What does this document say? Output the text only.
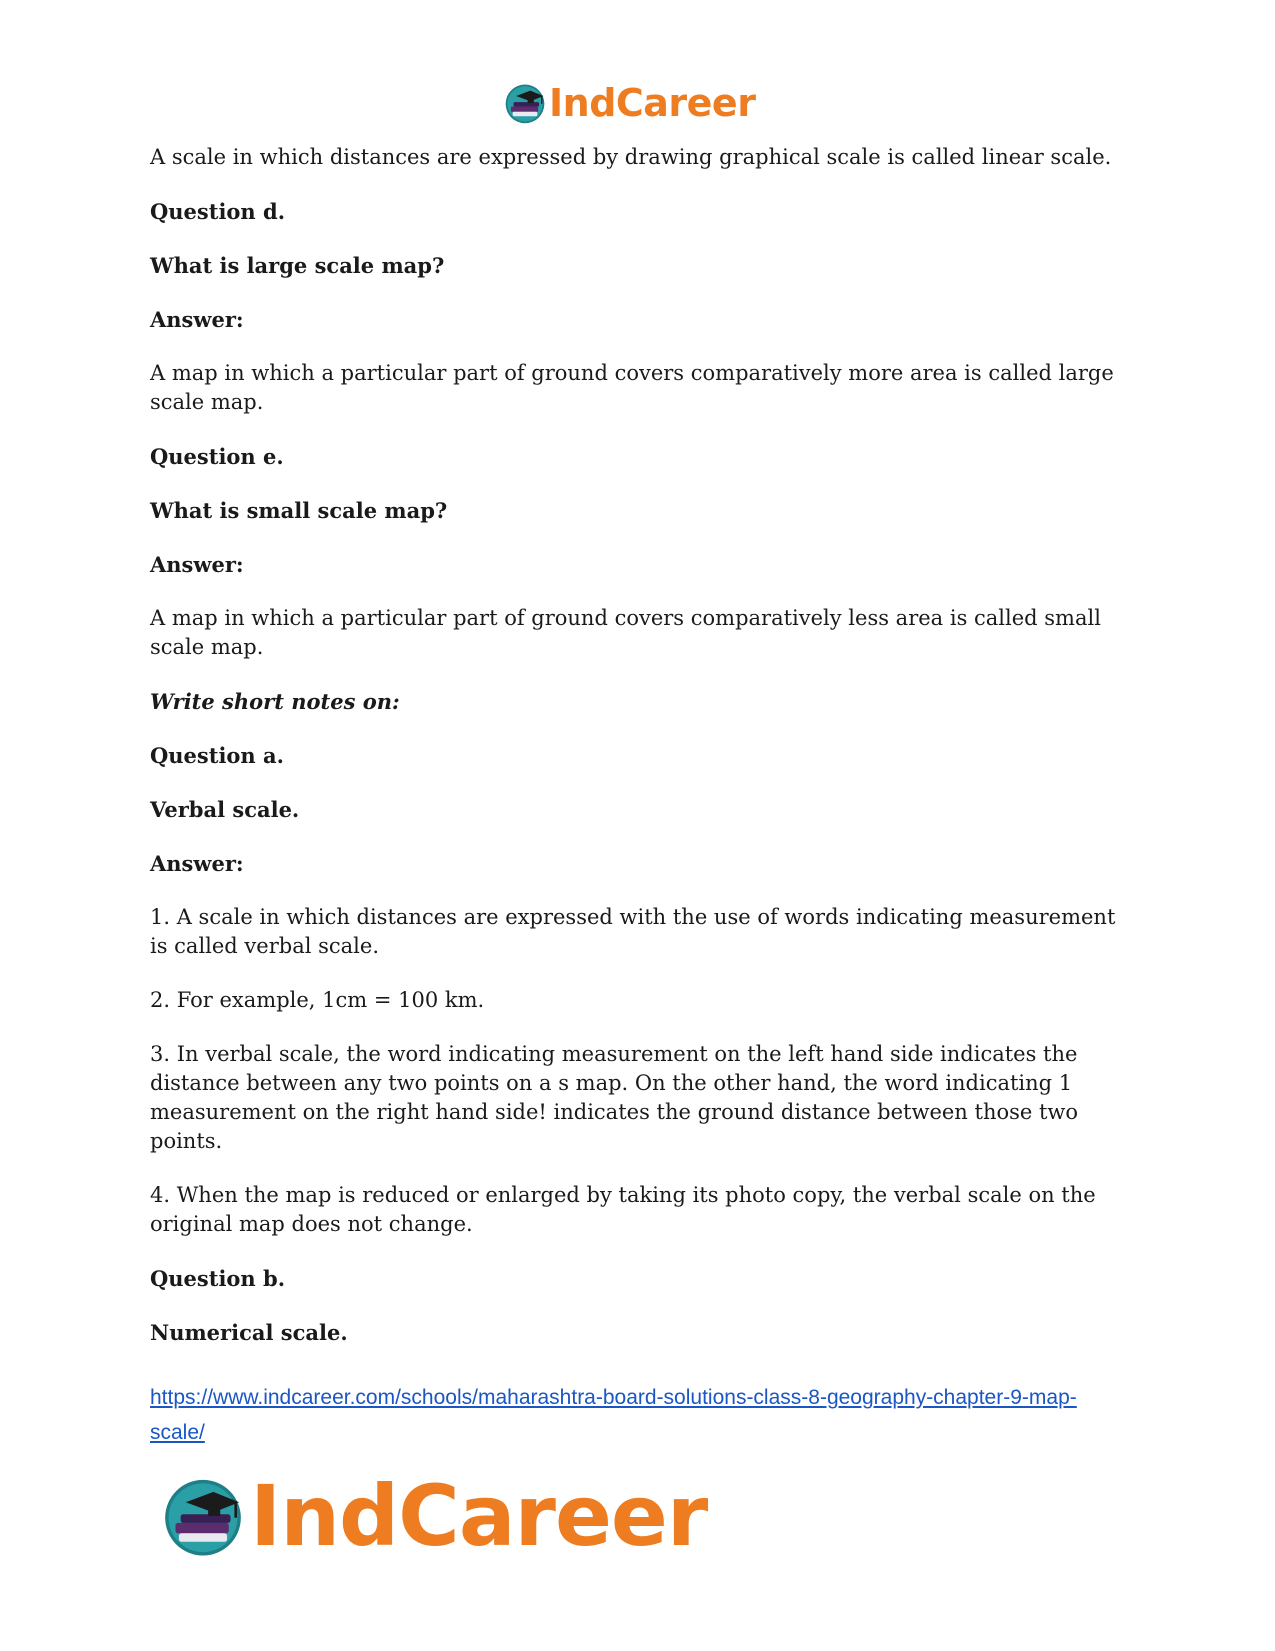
IndCareer

A scale in which distances are expressed by drawing graphical scale is called linear scale.

Question d.

What is large scale map?

Answer:

A map in which a particular part of ground covers comparatively more area is called large scale map.

Question e.

What is small scale map?

Answer:

A map in which a particular part of ground covers comparatively less area is called small scale map.

Write short notes on:

Question a.

Verbal scale.

Answer:

1. A scale in which distances are expressed with the use of words indicating measurement is called verbal scale.

2. For example, 1cm = 100 km.

3. In verbal scale, the word indicating measurement on the left hand side indicates the distance between any two points on a s map. On the other hand, the word indicating 1 measurement on the right hand side! indicates the ground distance between those two points.

4. When the map is reduced or enlarged by taking its photo copy, the verbal scale on the original map does not change.

Question b.

Numerical scale.

https://www.indcareer.com/schools/maharashtra-board-solutions-class-8-geography-chapter-9-map-scale/
IndCareer
